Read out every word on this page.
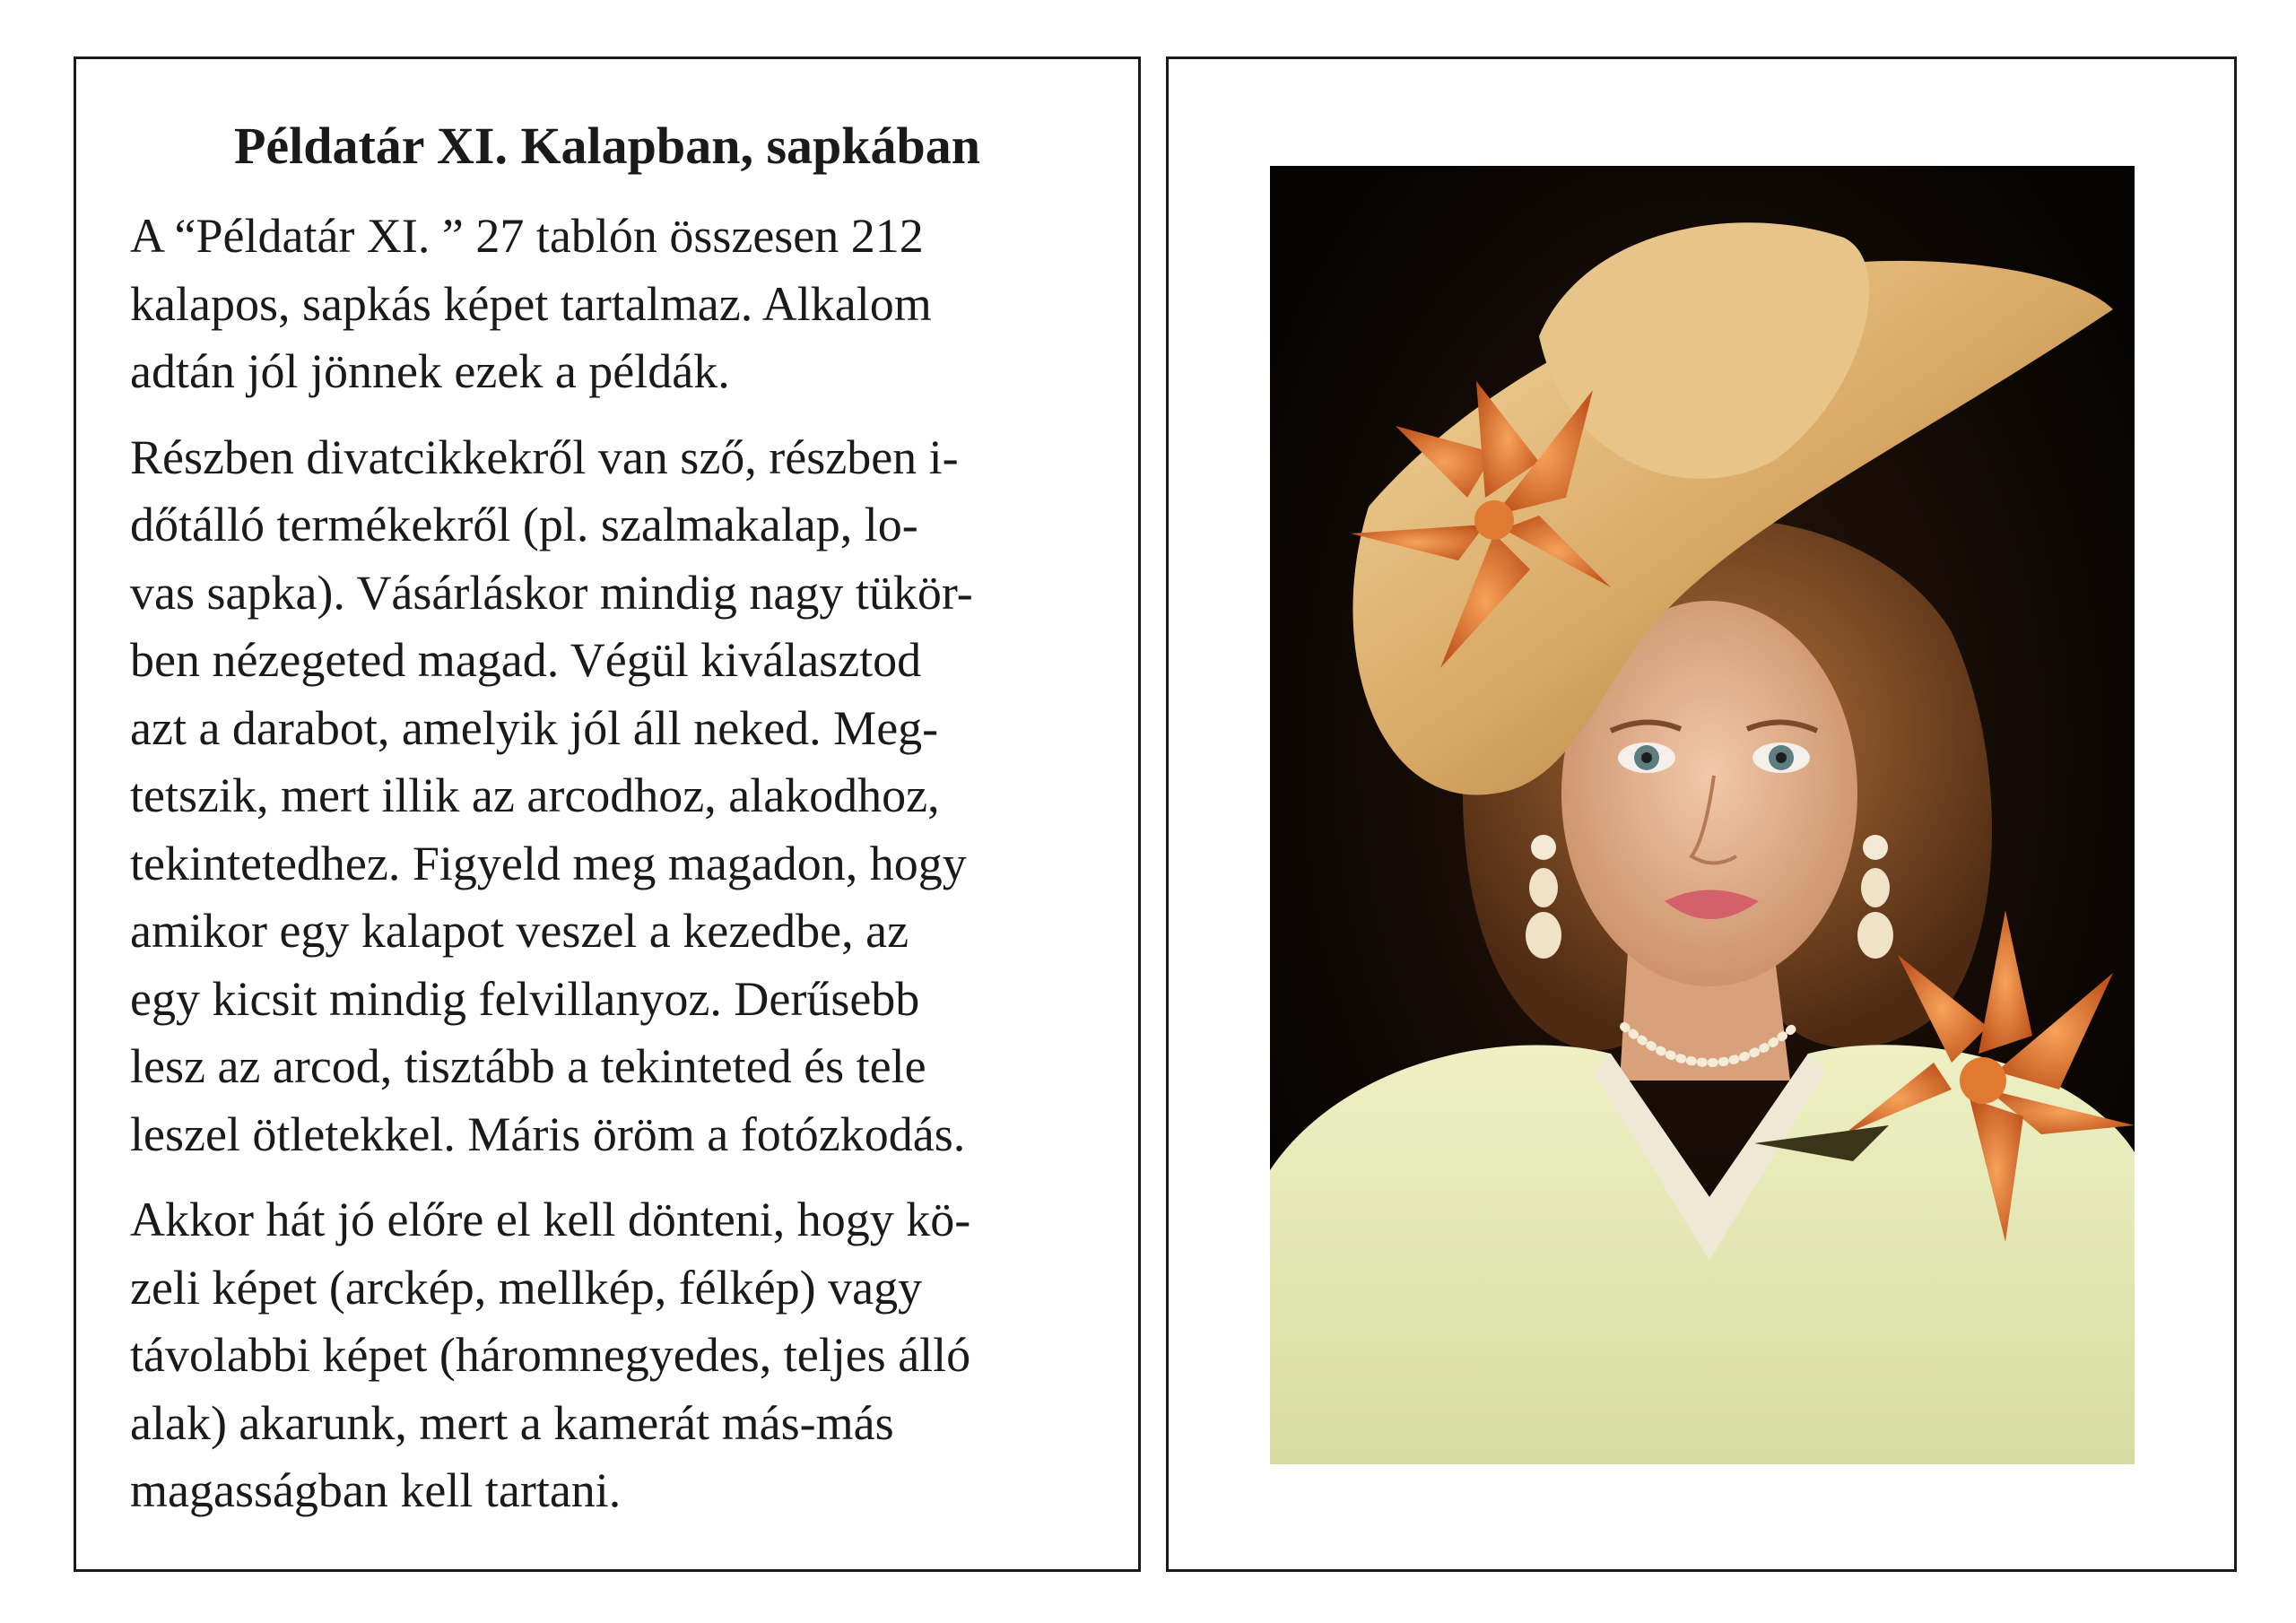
Példatár XI. Kalapban, sapkában

A “Példatár XI. ” 27 tablón összesen 212
kalapos, sapkás képet tartalmaz. Alkalom
adtán jól jönnek ezek a példák.

Részben divatcikkekről van sző, részben i-
dőtálló termékekről (pl. szalmakalap, lo-
vas sapka). Vásárláskor mindig nagy tükör-
ben nézegeted magad. Végül kiválasztod
azt a darabot, amelyik jól áll neked. Meg-
tetszik, mert illik az arcodhoz, alakodhoz,
tekintetedhez. Figyeld meg magadon, hogy
amikor egy kalapot veszel a kezedbe, az
egy kicsit mindig felvillanyoz. Derűsebb
lesz az arcod, tisztább a tekinteted és tele
leszel ötletekkel. Máris öröm a fotózkodás.

Akkor hát jó előre el kell dönteni, hogy kö-
zeli képet (arckép, mellkép, félkép) vagy
távolabbi képet (háromnegyedes, teljes álló
alak) akarunk, mert a kamerát más-más
magasságban kell tartani.
